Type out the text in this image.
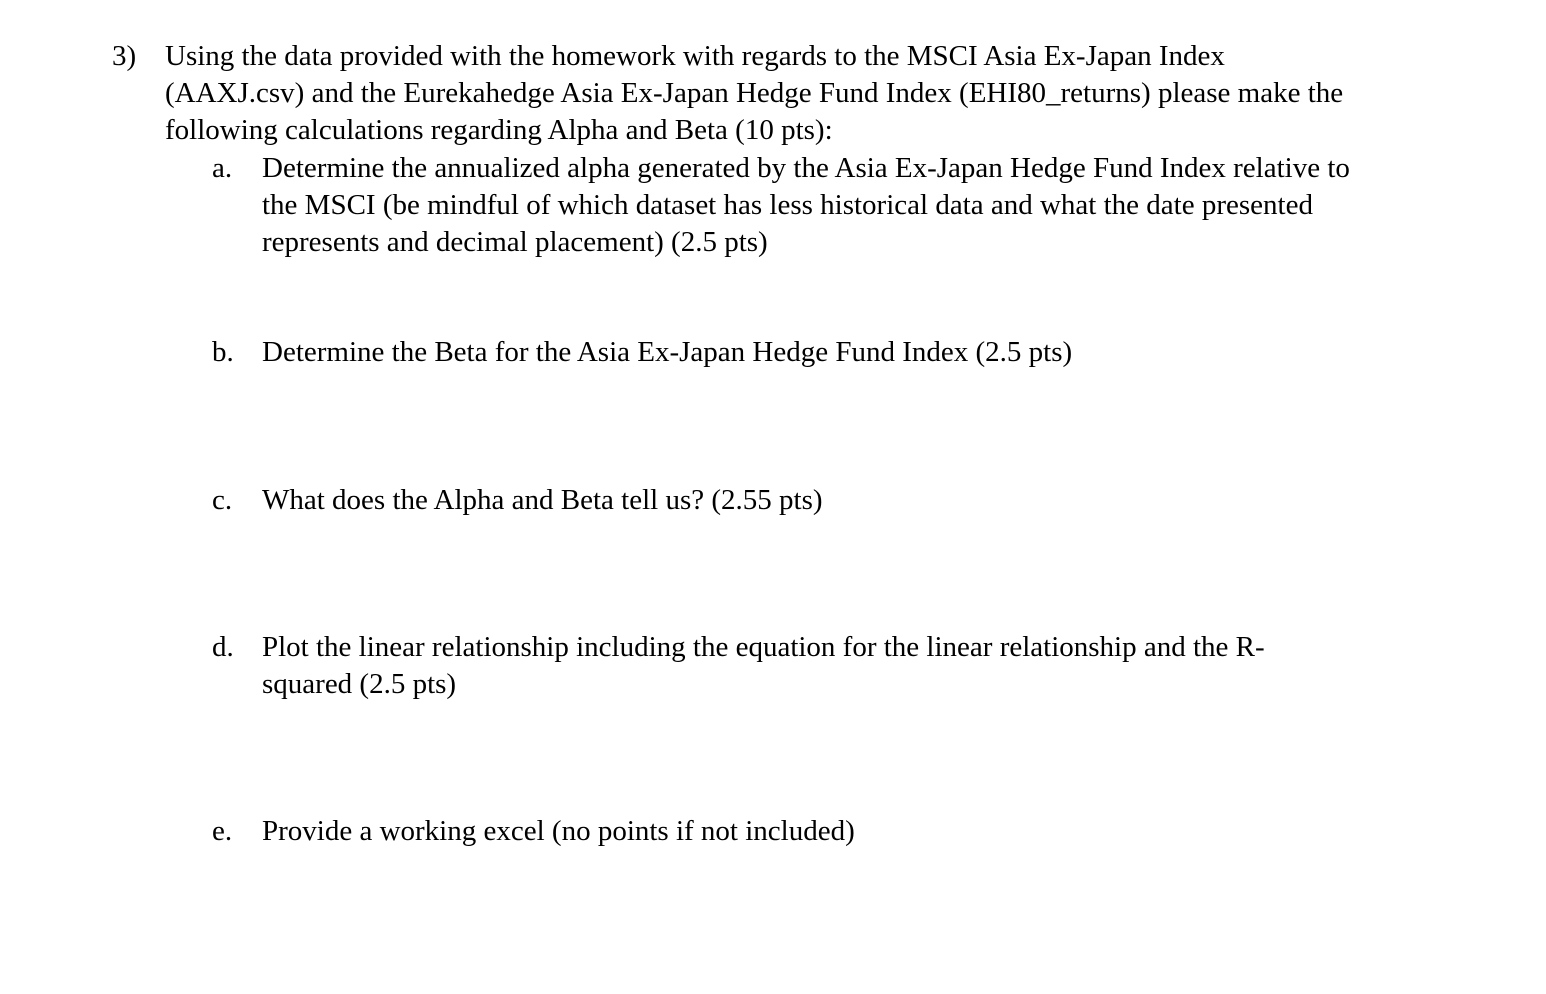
3) Using the data provided with the homework with regards to the MSCI Asia Ex-Japan Index
(AAXJ.csv) and the Eurekahedge Asia Ex-Japan Hedge Fund Index (EHI80_returns) please make the
following calculations regarding Alpha and Beta (10 pts):
a. Determine the annualized alpha generated by the Asia Ex-Japan Hedge Fund Index relative to
the MSCI (be mindful of which dataset has less historical data and what the date presented
represents and decimal placement) (2.5 pts)
b. Determine the Beta for the Asia Ex-Japan Hedge Fund Index (2.5 pts)
c. What does the Alpha and Beta tell us? (2.55 pts)
d. Plot the linear relationship including the equation for the linear relationship and the R-
squared (2.5 pts)
e. Provide a working excel (no points if not included)
